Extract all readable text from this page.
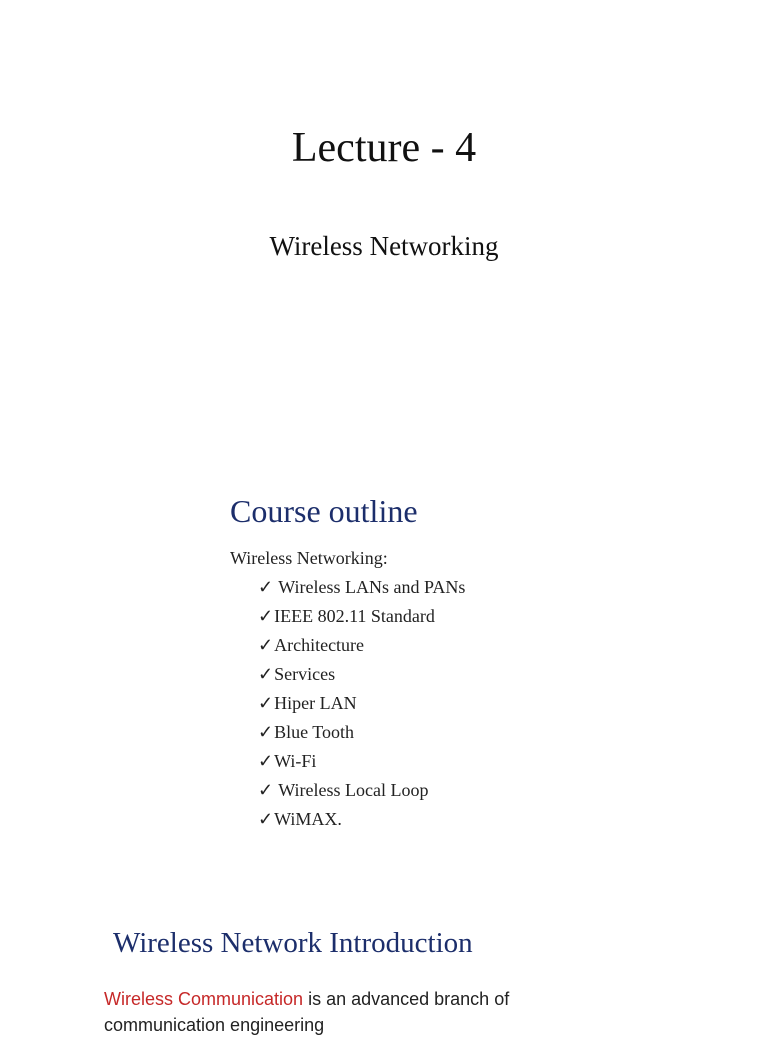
Lecture - 4
Wireless Networking
Course outline
Wireless Networking:
✓ Wireless LANs and PANs
✓IEEE 802.11 Standard
✓Architecture
✓Services
✓Hiper LAN
✓Blue Tooth
✓Wi-Fi
✓ Wireless Local Loop
✓WiMAX.
Wireless Network Introduction
Wireless Communication is an advanced branch of
communication engineering
